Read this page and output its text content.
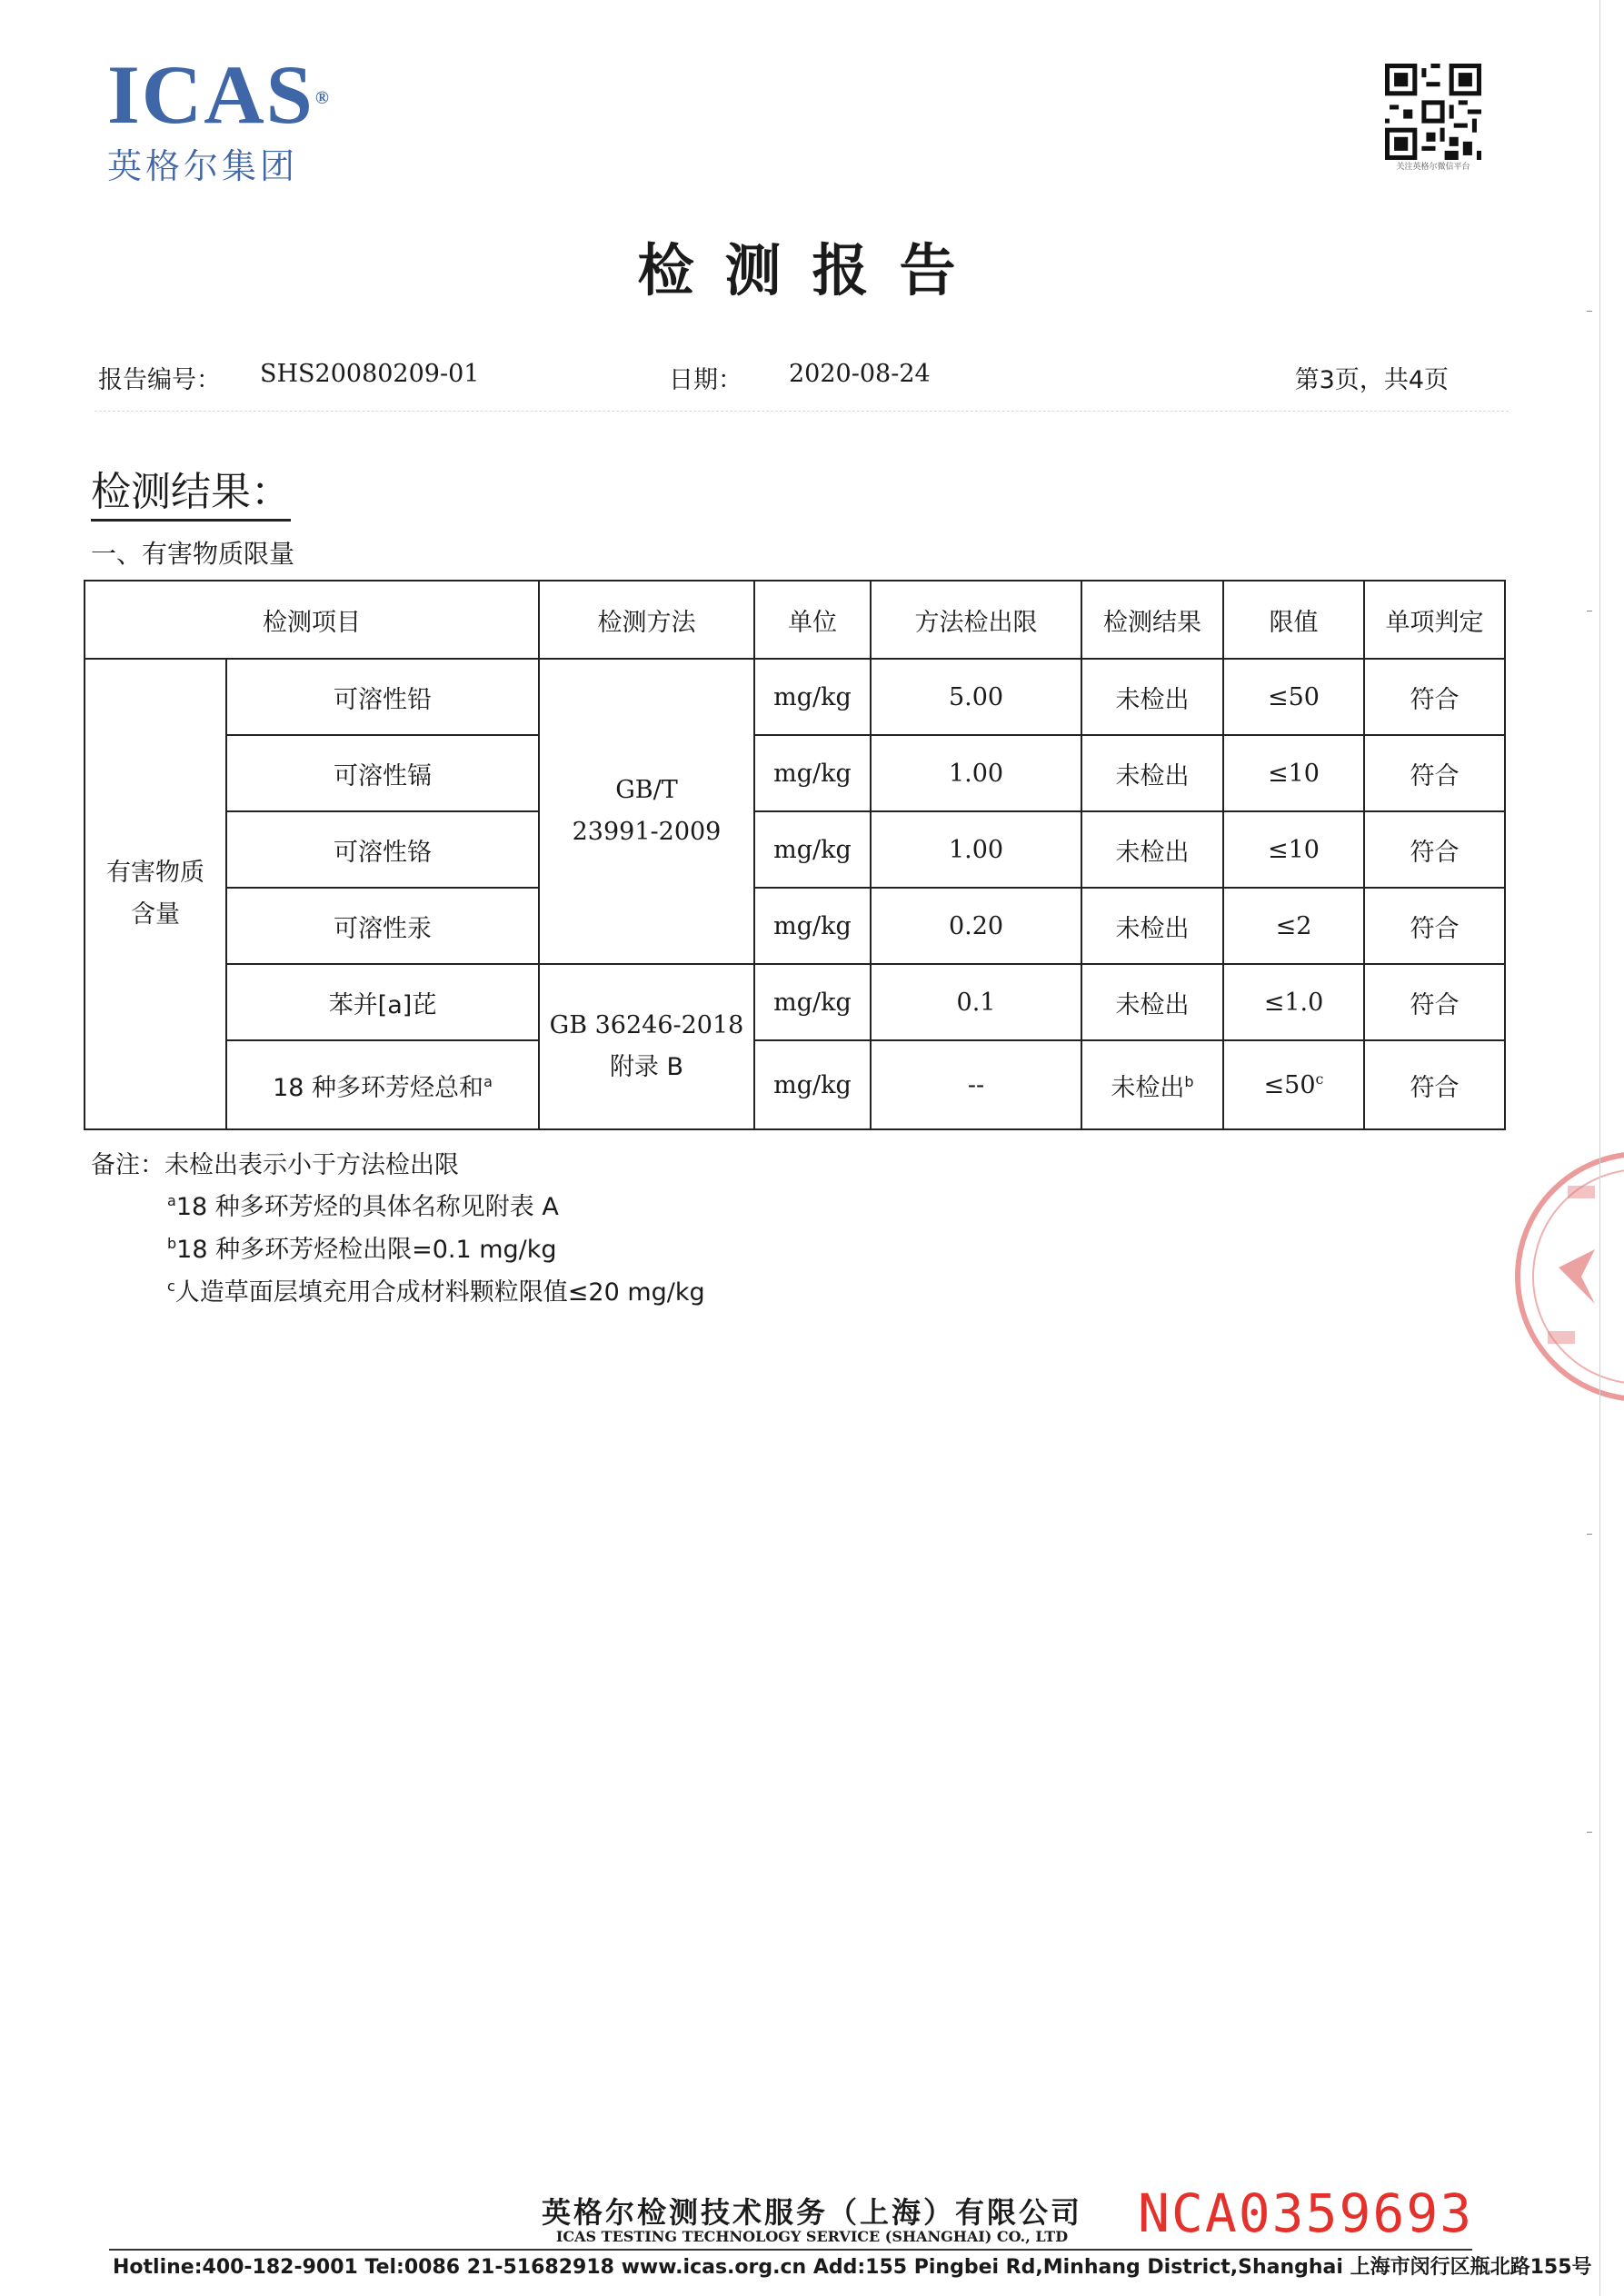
ICAS ®
英格尔集团	关注英格尔微信平台
检测报告
报告编号： SHS20080209-01	日期： 2020-08-24	第3页，共4页
检测结果：
一、有害物质限量
检测项目		检测方法	单位	方法检出限	检测结果	限值	单项判定

有害物质含量	可溶性铅	GB/T
23991-2009	mg/kg	5.00	未检出	≤50	符合
	可溶性镉		mg/kg	1.00	未检出	≤10	符合
	可溶性铬		mg/kg	1.00	未检出	≤10	符合
	可溶性汞		mg/kg	0.20	未检出	≤2	符合
	苯并[a]芘	GB 36246-2018
附录 B	mg/kg	0.1	未检出	≤1.0	符合
	18 种多环芳烃总和$^a$		mg/kg	--	未检出$^b$	$\le 50^c$	符合
备注：未检出表示小于方法检出限
$^a$18 种多环芳烃的具体名称见附表 A
$^b$18 种多环芳烃检出限=0.1 mg/kg
$^c$人造草面层填充用合成材料颗粒限值≤20 mg/kg
英格尔检测技术服务（上海）有限公司
ICAS TESTING TECHNOLOGY SERVICE (SHANGHAI) CO., LTD
Hotline:400-182-9001 Tel:0086 21-51682918 www.icas.org.cn Add:155 Pingbei Rd,Minhang District,Shanghai 上海市闵行区瓶北路155号
NCA0359693
